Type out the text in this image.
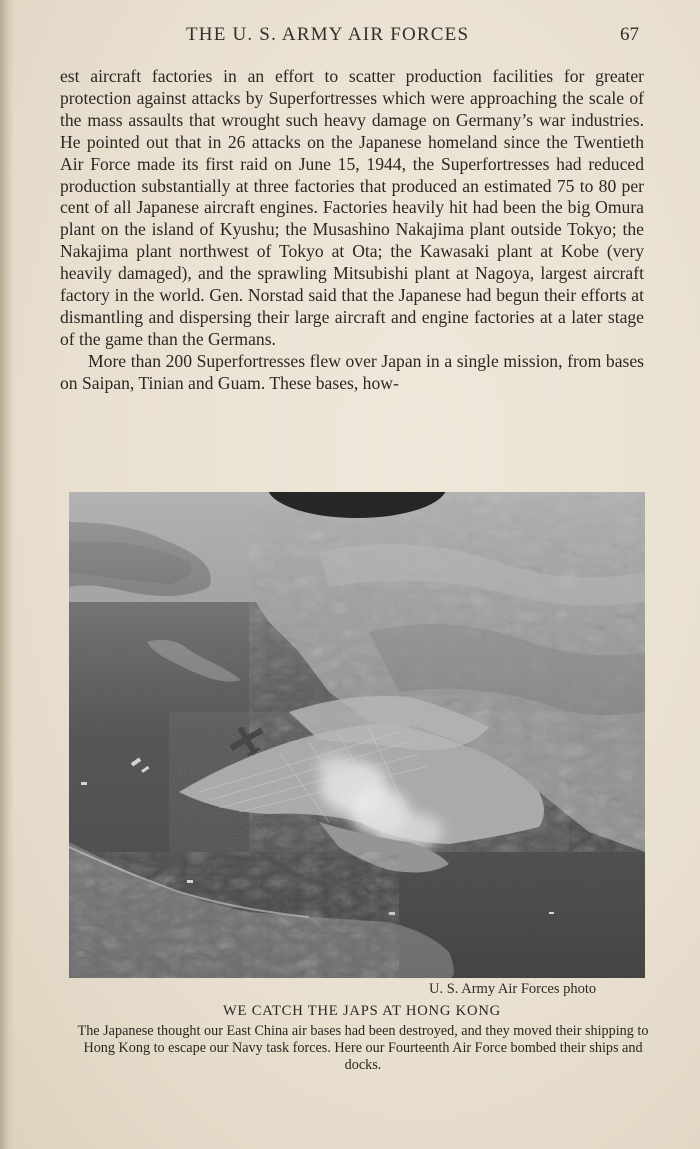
THE U. S. ARMY AIR FORCES	67

est aircraft factories in an effort to scatter production facilities for greater protection against attacks by Superfortresses which were approaching the scale of the mass assaults that wrought such heavy damage on Germany’s war industries. He pointed out that in 26 attacks on the Japanese homeland since the Twentieth Air Force made its first raid on June 15, 1944, the Superfortresses had reduced production substantially at three factories that produced an estimated 75 to 80 per cent of all Japanese aircraft engines. Factories heavily hit had been the big Omura plant on the island of Kyushu; the Musashino Nakajima plant outside Tokyo; the Nakajima plant northwest of Tokyo at Ota; the Kawasaki plant at Kobe (very heavily damaged), and the sprawling Mitsubishi plant at Nagoya, largest aircraft factory in the world. Gen. Norstad said that the Japanese had begun their efforts at dismantling and dispersing their large aircraft and engine factories at a later stage of the game than the Germans.

More than 200 Superfortresses flew over Japan in a single mission, from bases on Saipan, Tinian and Guam. These bases, how-

U. S. Army Air Forces photo
WE CATCH THE JAPS AT HONG KONG
The Japanese thought our East China air bases had been destroyed, and they moved their shipping to Hong Kong to escape our Navy task forces. Here our Fourteenth Air Force bombed their ships and docks.
